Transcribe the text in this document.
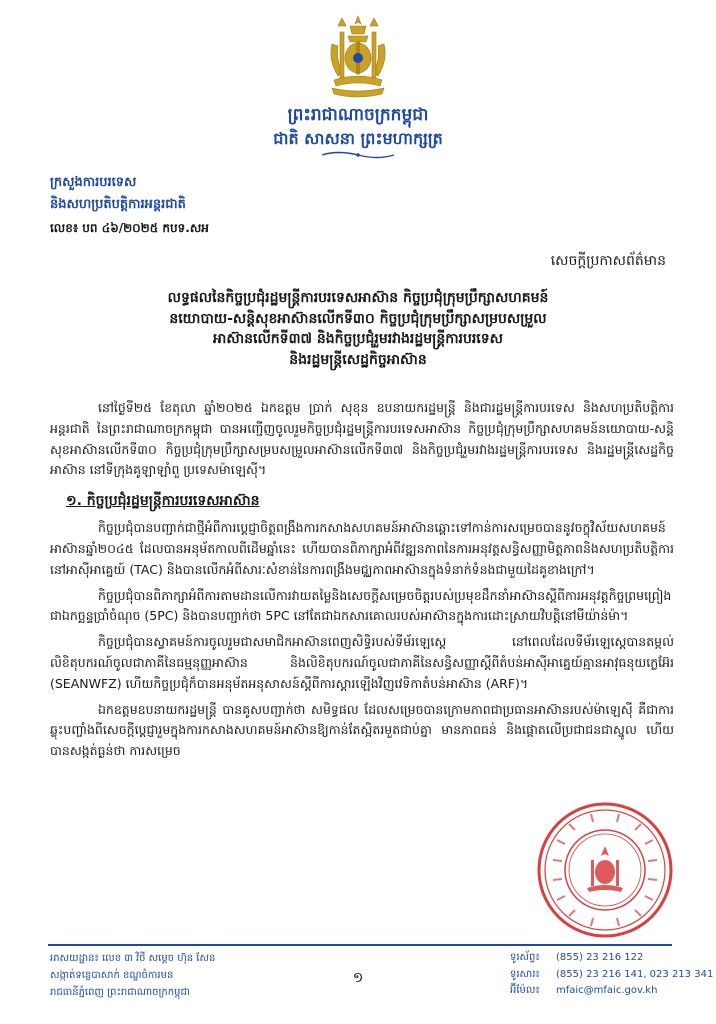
ព្រះរាជាណាចក្រកម្ពុជា
ជាតិ សាសនា ព្រះមហាក្សត្រ
ក្រសួងការបរទេស
និងសហប្រតិបត្តិការអន្តរជាតិ
លេខ៖ បព ៤៦/២០២៥ កបទ.សអ
សេចក្តីប្រកាសព័ត៌មាន
លទ្ធផលនៃកិច្ចប្រជុំរដ្ឋមន្ត្រីការបរទេសអាស៊ាន កិច្ចប្រជុំក្រុមប្រឹក្សាសហគមន៍
នយោបាយ-សន្តិសុខអាស៊ានលើកទី៣០ កិច្ចប្រជុំក្រុមប្រឹក្សាសម្របសម្រួល
អាស៊ានលើកទី៣៧ និងកិច្ចប្រជុំរួមរវាងរដ្ឋមន្ត្រីការបរទេស
និងរដ្ឋមន្ត្រីសេដ្ឋកិច្ចអាស៊ាន

នៅថ្ងៃទី២៥ ខែតុលា ឆ្នាំ២០២៥ ឯកឧត្តម ប្រាក់ សុខុន ឧបនាយករដ្ឋមន្ត្រី និងជារដ្ឋមន្ត្រីការបរទេស និងសហប្រតិបត្តិការអន្តរជាតិ នៃព្រះរាជាណាចក្រកម្ពុជា បានអញ្ជើញចូលរួមកិច្ចប្រជុំរដ្ឋមន្ត្រីការបរទេសអាស៊ាន កិច្ចប្រជុំក្រុមប្រឹក្សាសហគមន៍នយោបាយ-សន្តិសុខអាស៊ានលើកទី៣០ កិច្ចប្រជុំក្រុមប្រឹក្សាសម្របសម្រួលអាស៊ានលើកទី៣៧ និងកិច្ចប្រជុំរួមរវាងរដ្ឋមន្ត្រីការបរទេស និងរដ្ឋមន្ត្រីសេដ្ឋកិច្ចអាស៊ាន នៅទីក្រុងគូឡាឡាំពួ ប្រទេសម៉ាឡេស៊ី។

១. កិច្ចប្រជុំរដ្ឋមន្ត្រីការបរទេសអាស៊ាន

កិច្ចប្រជុំបានបញ្ជាក់ជាថ្មីអំពីការប្តេជ្ញាចិត្តពង្រឹងការកសាងសហគមន៍អាស៊ានឆ្ពោះទៅកាន់ការសម្រេចបាននូវចក្ខុវិស័យសហគមន៍អាស៊ានឆ្នាំ២០៤៥ ដែលបានអនុម័តកាលពីដើមឆ្នាំនេះ ហើយបានពិភាក្សាអំពីវឌ្ឍនភាពនៃការអនុវត្តសន្ធិសញ្ញាមិត្តភាពនិងសហប្រតិបត្តិការនៅអាស៊ីអាគ្នេយ៍ (TAC) និងបានលើកអំពីសារៈសំខាន់នៃការពង្រឹងមជ្ឈភាពអាស៊ានក្នុងទំនាក់ទំនងជាមួយដៃគូខាងក្រៅ។

កិច្ចប្រជុំបានពិភាក្សាអំពីការតាមដានលើការវាយតម្លៃនិងសេចក្តីសម្រេចចិត្តរបស់ប្រមុខដឹកនាំអាស៊ានស្តីពីការអនុវត្តកិច្ចព្រមព្រៀងជាឯកច្ឆន្ទប្រាំចំណុច (5PC) និងបានបញ្ជាក់ថា 5PC នៅតែជាឯកសារគោលរបស់អាស៊ានក្នុងការដោះស្រាយវិបត្តិនៅមីយ៉ាន់ម៉ា។

កិច្ចប្រជុំបានស្វាគមន៍ការចូលរួមជាសមាជិកអាស៊ានពេញសិទ្ធិរបស់ទីម័រឡេស្តេ នៅពេលដែលទីម័រឡេស្តេបានតម្កល់លិខិតុបករណ៍ចូលជាភាគីនៃធម្មនុញ្ញអាស៊ាន និងលិខិតុបករណ៍ចូលជាភាគីនៃសន្ធិសញ្ញាស្តីពីតំបន់អាស៊ីអាគ្នេយ៍គ្មានអាវុធនុយក្លេអ៊ែរ (SEANWFZ) ហើយកិច្ចប្រជុំក៏បានអនុម័តអនុសាសន៍ស្តីពីការស្តារឡើងវិញវេទិកាតំបន់អាស៊ាន (ARF)។

ឯកឧត្តមឧបនាយករដ្ឋមន្ត្រី បានគូសបញ្ជាក់ថា សមិទ្ធផល ដែលសម្រេចបានក្រោមភាពជាប្រធានអាស៊ានរបស់ម៉ាឡេស៊ី គឺជាការឆ្លុះបញ្ចាំងពីសេចក្តីប្តេជ្ញារួមក្នុងការកសាងសហគមន៍អាស៊ានឱ្យកាន់តែស្អិតរមួតជាប់គ្នា មានភាពធន់ និងផ្តោតលើប្រជាជនជាស្នូល ហើយបានសង្កត់ធ្ងន់ថា ការសម្រេច

អាសយដ្ឋាន៖ លេខ ៣ វិថី សម្តេច ហ៊ុន សែន
សង្កាត់ទន្លេបាសាក់ ខណ្ឌចំការមន
រាជធានីភ្នំពេញ ព្រះរាជាណាចក្រកម្ពុជា
១
ទូរស័ព្ទ៖ (855) 23 216 122
ទូរសារ៖ (855) 23 216 141, 023 213 341
អ៊ីម៉ែល៖ mfaic@mfaic.gov.kh
